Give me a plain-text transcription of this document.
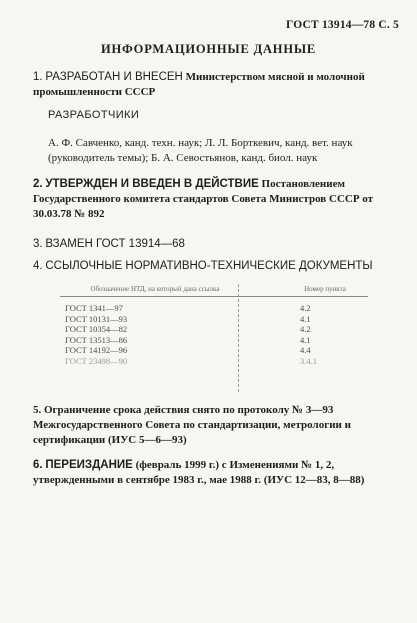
ГОСТ 13914—78 С. 5
ИНФОРМАЦИОННЫЕ ДАННЫЕ
1. РАЗРАБОТАН И ВНЕСЕН Министерством мясной и молочной промышленности СССР
РАЗРАБОТЧИКИ
А. Ф. Савченко, канд. техн. наук; Л. Л. Борткевич, канд. вет. наук (руководитель темы); Б. А. Севостьянов, канд. биол. наук
2. УТВЕРЖДЕН И ВВЕДЕН В ДЕЙСТВИЕ Постановлением Государственного комитета стандартов Совета Министров СССР от 30.03.78 № 892
3. ВЗАМЕН ГОСТ 13914—68
4. ССЫЛОЧНЫЕ НОРМАТИВНО-ТЕХНИЧЕСКИЕ ДОКУМЕНТЫ
Обозначение НТД, на который дана ссылка	Номер пункта
ГОСТ 1341—97	4.2
ГОСТ 10131—93	4.1
ГОСТ 10354—82	4.2
ГОСТ 13513—86	4.1
ГОСТ 14192—96	4.4
ГОСТ 23498—90	3.4.1
5. Ограничение срока действия снято по протоколу № 3—93 Межгосударственного Совета по стандартизации, метрологии и сертификации (ИУС 5—6—93)
6. ПЕРЕИЗДАНИЕ (февраль 1999 г.) с Изменениями № 1, 2, утвержденными в сентябре 1983 г., мае 1988 г. (ИУС 12—83, 8—88)
